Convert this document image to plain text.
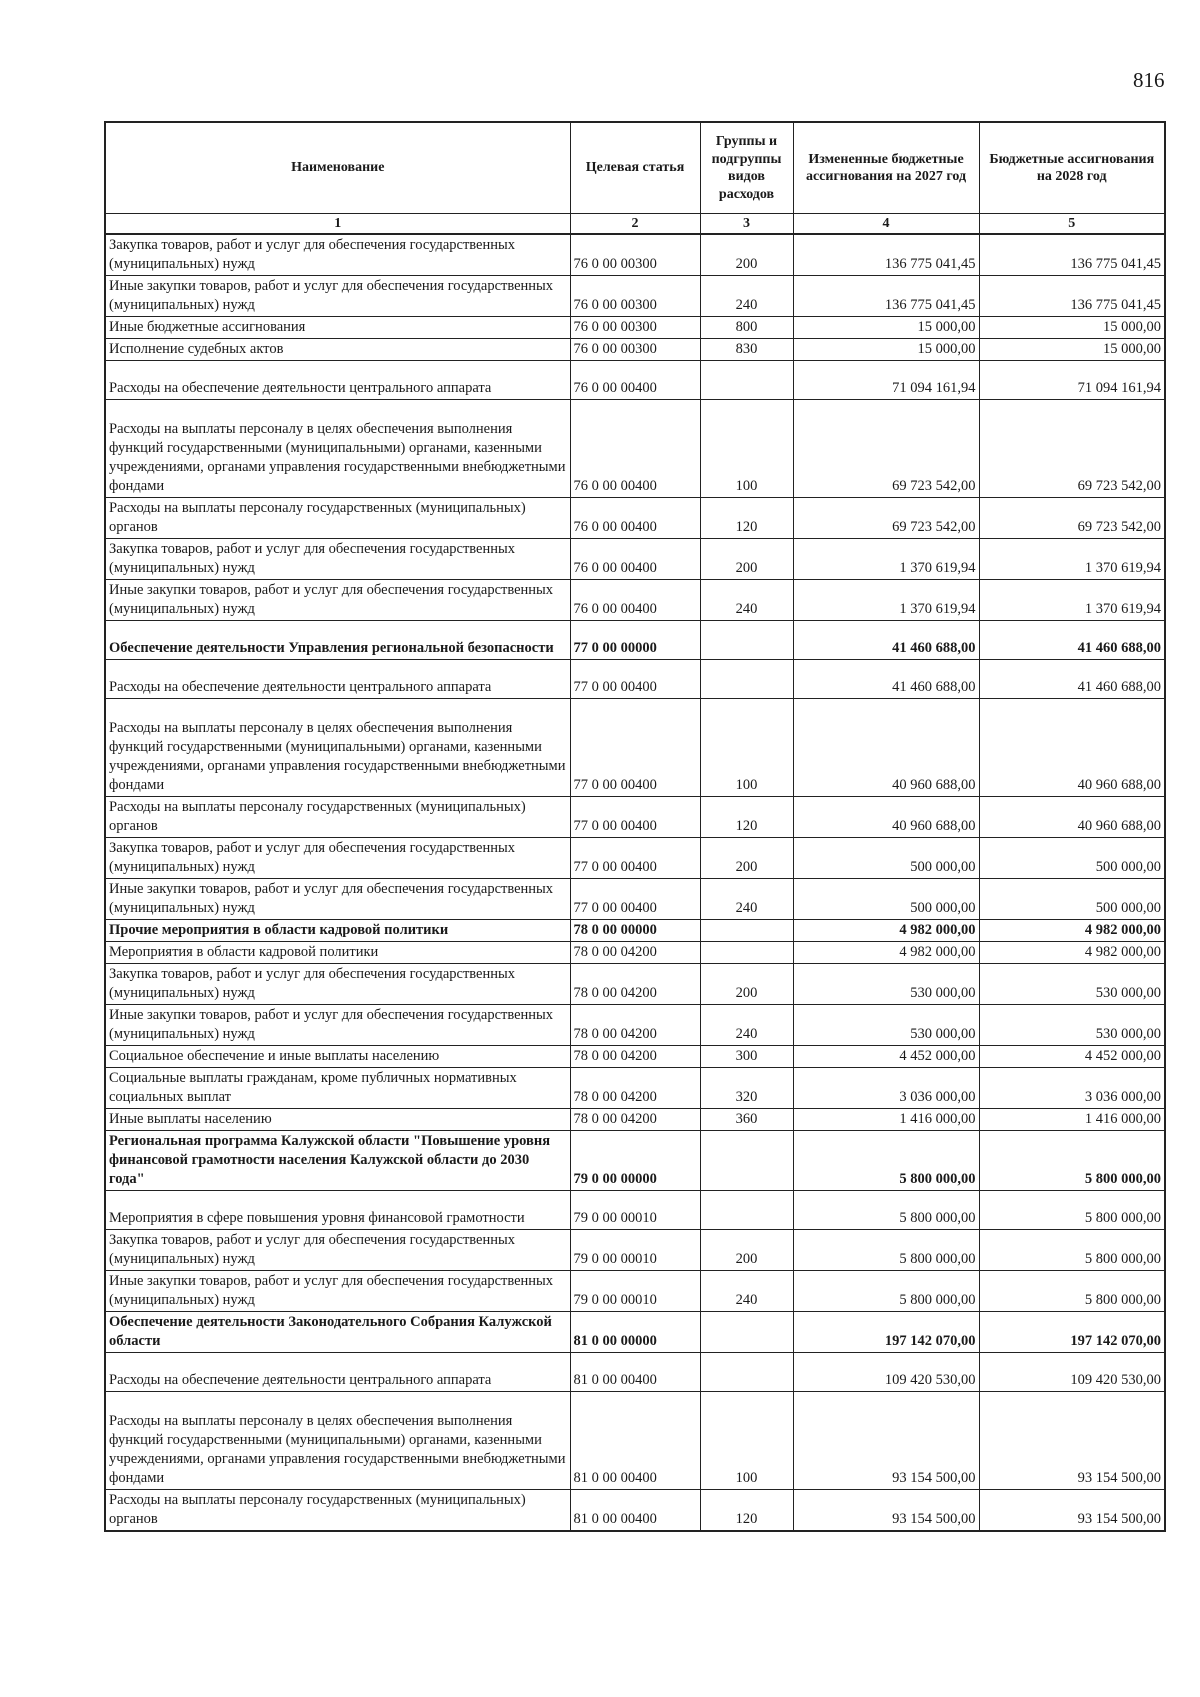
816
Наименование	Целевая статья	Группы и подгруппы видов расходов	Измененные бюджетные ассигнования на 2027 год	Бюджетные ассигнования на 2028 год
1	2	3	4	5
Закупка товаров, работ и услуг для обеспечения государственных (муниципальных) нужд	76 0 00 00300	200	136 775 041,45	136 775 041,45
Иные закупки товаров, работ и услуг для обеспечения государственных (муниципальных) нужд	76 0 00 00300	240	136 775 041,45	136 775 041,45
Иные бюджетные ассигнования	76 0 00 00300	800	15 000,00	15 000,00
Исполнение судебных актов	76 0 00 00300	830	15 000,00	15 000,00
Расходы на обеспечение деятельности центрального аппарата	76 0 00 00400		71 094 161,94	71 094 161,94
Расходы на выплаты персоналу в целях обеспечения выполнения функций государственными (муниципальными) органами, казенными учреждениями, органами управления государственными внебюджетными фондами	76 0 00 00400	100	69 723 542,00	69 723 542,00
Расходы на выплаты персоналу государственных (муниципальных) органов	76 0 00 00400	120	69 723 542,00	69 723 542,00
Закупка товаров, работ и услуг для обеспечения государственных (муниципальных) нужд	76 0 00 00400	200	1 370 619,94	1 370 619,94
Иные закупки товаров, работ и услуг для обеспечения государственных (муниципальных) нужд	76 0 00 00400	240	1 370 619,94	1 370 619,94
Обеспечение деятельности Управления региональной безопасности	77 0 00 00000		41 460 688,00	41 460 688,00
Расходы на обеспечение деятельности центрального аппарата	77 0 00 00400		41 460 688,00	41 460 688,00
Расходы на выплаты персоналу в целях обеспечения выполнения функций государственными (муниципальными) органами, казенными учреждениями, органами управления государственными внебюджетными фондами	77 0 00 00400	100	40 960 688,00	40 960 688,00
Расходы на выплаты персоналу государственных (муниципальных) органов	77 0 00 00400	120	40 960 688,00	40 960 688,00
Закупка товаров, работ и услуг для обеспечения государственных (муниципальных) нужд	77 0 00 00400	200	500 000,00	500 000,00
Иные закупки товаров, работ и услуг для обеспечения государственных (муниципальных) нужд	77 0 00 00400	240	500 000,00	500 000,00
Прочие мероприятия в области кадровой политики	78 0 00 00000		4 982 000,00	4 982 000,00
Мероприятия в области кадровой политики	78 0 00 04200		4 982 000,00	4 982 000,00
Закупка товаров, работ и услуг для обеспечения государственных (муниципальных) нужд	78 0 00 04200	200	530 000,00	530 000,00
Иные закупки товаров, работ и услуг для обеспечения государственных (муниципальных) нужд	78 0 00 04200	240	530 000,00	530 000,00
Социальное обеспечение и иные выплаты населению	78 0 00 04200	300	4 452 000,00	4 452 000,00
Социальные выплаты гражданам, кроме публичных нормативных социальных выплат	78 0 00 04200	320	3 036 000,00	3 036 000,00
Иные выплаты населению	78 0 00 04200	360	1 416 000,00	1 416 000,00
Региональная программа Калужской области "Повышение уровня финансовой грамотности населения Калужской области до 2030 года"	79 0 00 00000		5 800 000,00	5 800 000,00
Мероприятия в сфере повышения уровня финансовой грамотности	79 0 00 00010		5 800 000,00	5 800 000,00
Закупка товаров, работ и услуг для обеспечения государственных (муниципальных) нужд	79 0 00 00010	200	5 800 000,00	5 800 000,00
Иные закупки товаров, работ и услуг для обеспечения государственных (муниципальных) нужд	79 0 00 00010	240	5 800 000,00	5 800 000,00
Обеспечение деятельности Законодательного Собрания Калужской области	81 0 00 00000		197 142 070,00	197 142 070,00
Расходы на обеспечение деятельности центрального аппарата	81 0 00 00400		109 420 530,00	109 420 530,00
Расходы на выплаты персоналу в целях обеспечения выполнения функций государственными (муниципальными) органами, казенными учреждениями, органами управления государственными внебюджетными фондами	81 0 00 00400	100	93 154 500,00	93 154 500,00
Расходы на выплаты персоналу государственных (муниципальных) органов	81 0 00 00400	120	93 154 500,00	93 154 500,00
